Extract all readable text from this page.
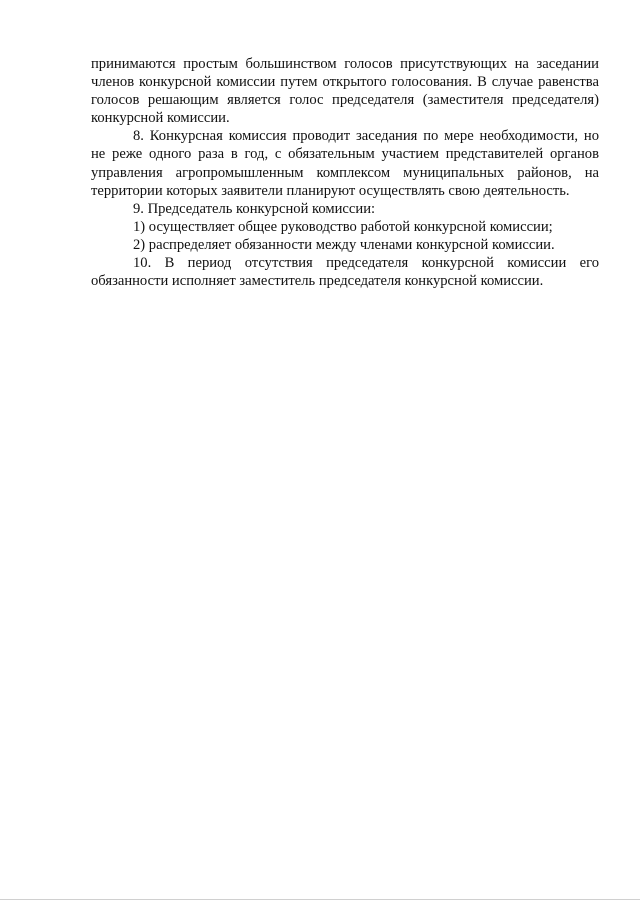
принимаются простым большинством голосов присутствующих на заседании членов конкурсной комиссии путем открытого голосования. В случае равенства голосов решающим является голос председателя (заместителя председателя) конкурсной комиссии.

8. Конкурсная комиссия проводит заседания по мере необходимости, но не реже одного раза в год, с обязательным участием представителей органов управления агропромышленным комплексом муниципальных районов, на территории которых заявители планируют осуществлять свою деятельность.

9. Председатель конкурсной комиссии:

1) осуществляет общее руководство работой конкурсной комиссии;

2) распределяет обязанности между членами конкурсной комиссии.

10. В период отсутствия председателя конкурсной комиссии его обязанности исполняет заместитель председателя конкурсной комиссии.
